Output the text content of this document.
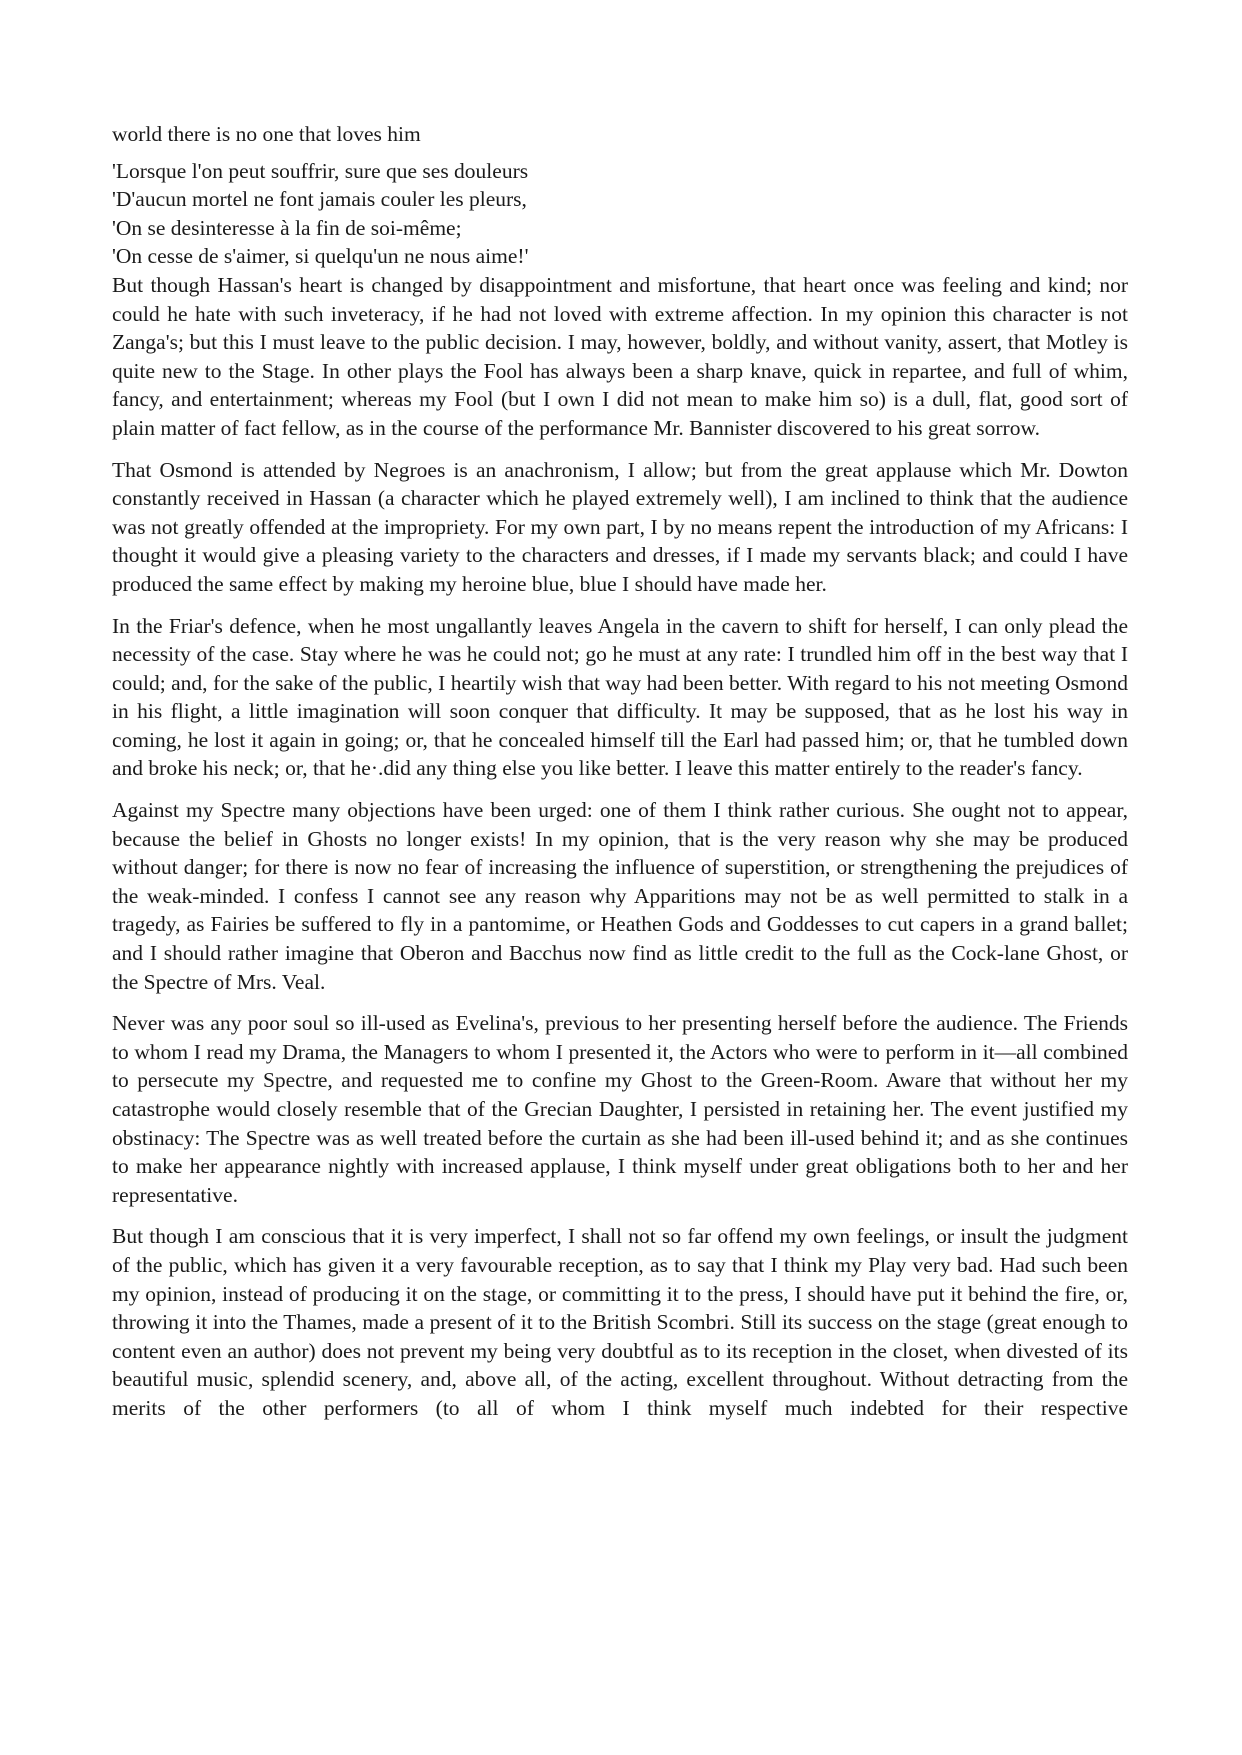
world there is no one that loves him
'Lorsque l'on peut souffrir, sure que ses douleurs
'D'aucun mortel ne font jamais couler les pleurs,
'On se desinteresse à la fin de soi-même;
'On cesse de s'aimer, si quelqu'un ne nous aime!'

But though Hassan's heart is changed by disappointment and misfortune, that heart once was feeling and kind; nor could he hate with such inveteracy, if he had not loved with extreme affection. In my opinion this character is not Zanga's; but this I must leave to the public decision. I may, however, boldly, and without vanity, assert, that Motley is quite new to the Stage. In other plays the Fool has always been a sharp knave, quick in repartee, and full of whim, fancy, and entertainment; whereas my Fool (but I own I did not mean to make him so) is a dull, flat, good sort of plain matter of fact fellow, as in the course of the performance Mr. Bannister discovered to his great sorrow.

That Osmond is attended by Negroes is an anachronism, I allow; but from the great applause which Mr. Dowton constantly received in Hassan (a character which he played extremely well), I am inclined to think that the audience was not greatly offended at the impropriety. For my own part, I by no means repent the introduction of my Africans: I thought it would give a pleasing variety to the characters and dresses, if I made my servants black; and could I have produced the same effect by making my heroine blue, blue I should have made her.

In the Friar's defence, when he most ungallantly leaves Angela in the cavern to shift for herself, I can only plead the necessity of the case. Stay where he was he could not; go he must at any rate: I trundled him off in the best way that I could; and, for the sake of the public, I heartily wish that way had been better. With regard to his not meeting Osmond in his flight, a little imagination will soon conquer that difficulty. It may be supposed, that as he lost his way in coming, he lost it again in going; or, that he concealed himself till the Earl had passed him; or, that he tumbled down and broke his neck; or, that he·.did any thing else you like better. I leave this matter entirely to the reader's fancy.

Against my Spectre many objections have been urged: one of them I think rather curious. She ought not to appear, because the belief in Ghosts no longer exists! In my opinion, that is the very reason why she may be produced without danger; for there is now no fear of increasing the influence of superstition, or strengthening the prejudices of the weak-minded. I confess I cannot see any reason why Apparitions may not be as well permitted to stalk in a tragedy, as Fairies be suffered to fly in a pantomime, or Heathen Gods and Goddesses to cut capers in a grand ballet; and I should rather imagine that Oberon and Bacchus now find as little credit to the full as the Cock-lane Ghost, or the Spectre of Mrs. Veal.

Never was any poor soul so ill-used as Evelina's, previous to her presenting herself before the audience. The Friends to whom I read my Drama, the Managers to whom I presented it, the Actors who were to perform in it—all combined to persecute my Spectre, and requested me to confine my Ghost to the Green-Room. Aware that without her my catastrophe would closely resemble that of the Grecian Daughter, I persisted in retaining her. The event justified my obstinacy: The Spectre was as well treated before the curtain as she had been ill-used behind it; and as she continues to make her appearance nightly with increased applause, I think myself under great obligations both to her and her representative.

But though I am conscious that it is very imperfect, I shall not so far offend my own feelings, or insult the judgment of the public, which has given it a very favourable reception, as to say that I think my Play very bad. Had such been my opinion, instead of producing it on the stage, or committing it to the press, I should have put it behind the fire, or, throwing it into the Thames, made a present of it to the British Scombri. Still its success on the stage (great enough to content even an author) does not prevent my being very doubtful as to its reception in the closet, when divested of its beautiful music, splendid scenery, and, above all, of the acting, excellent throughout. Without detracting from the merits of the other performers (to all of whom I think myself much indebted for their respective
